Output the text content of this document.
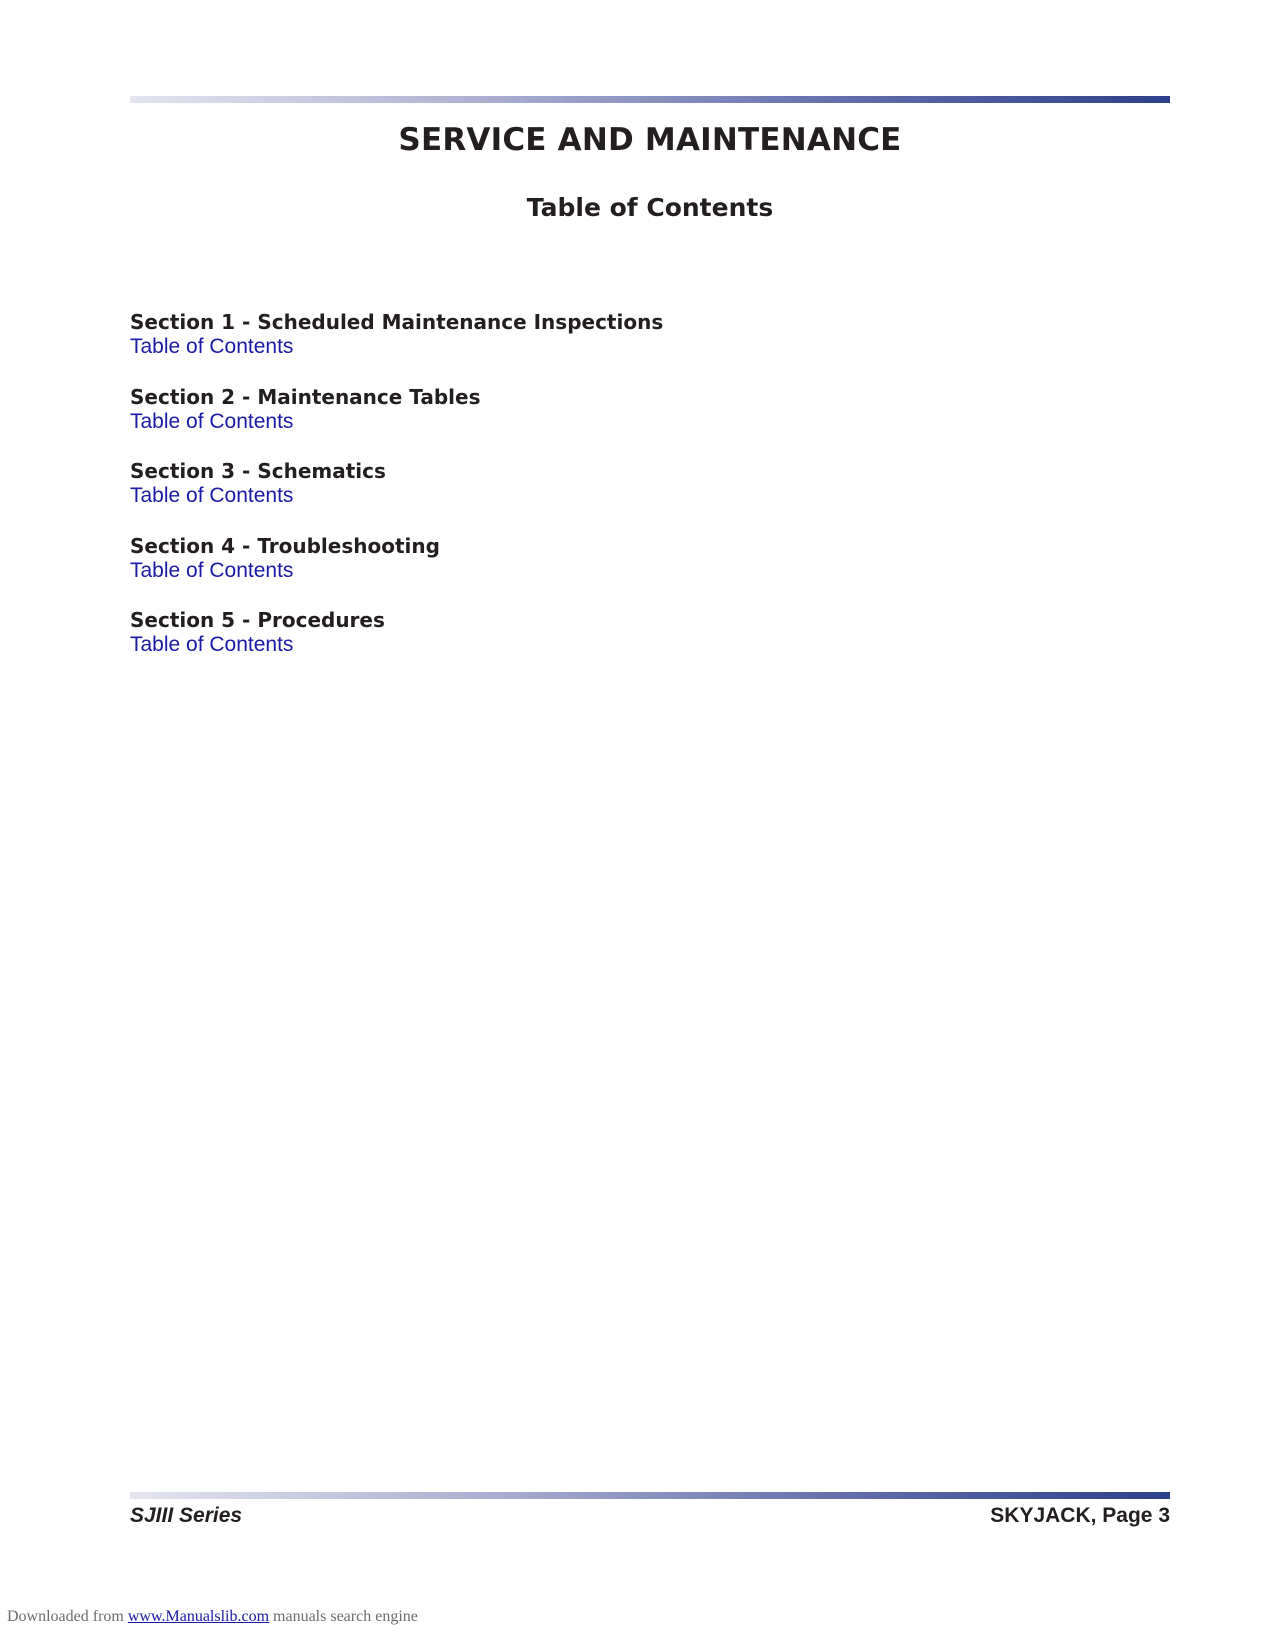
SERVICE AND MAINTENANCE
Table of Contents
Section 1 - Scheduled Maintenance Inspections
Table of Contents
Section 2 - Maintenance Tables
Table of Contents
Section 3 - Schematics
Table of Contents
Section 4 - Troubleshooting
Table of Contents
Section 5 - Procedures
Table of Contents
SJIII Series	SKYJACK, Page 3
Downloaded from www.Manualslib.com manuals search engine
